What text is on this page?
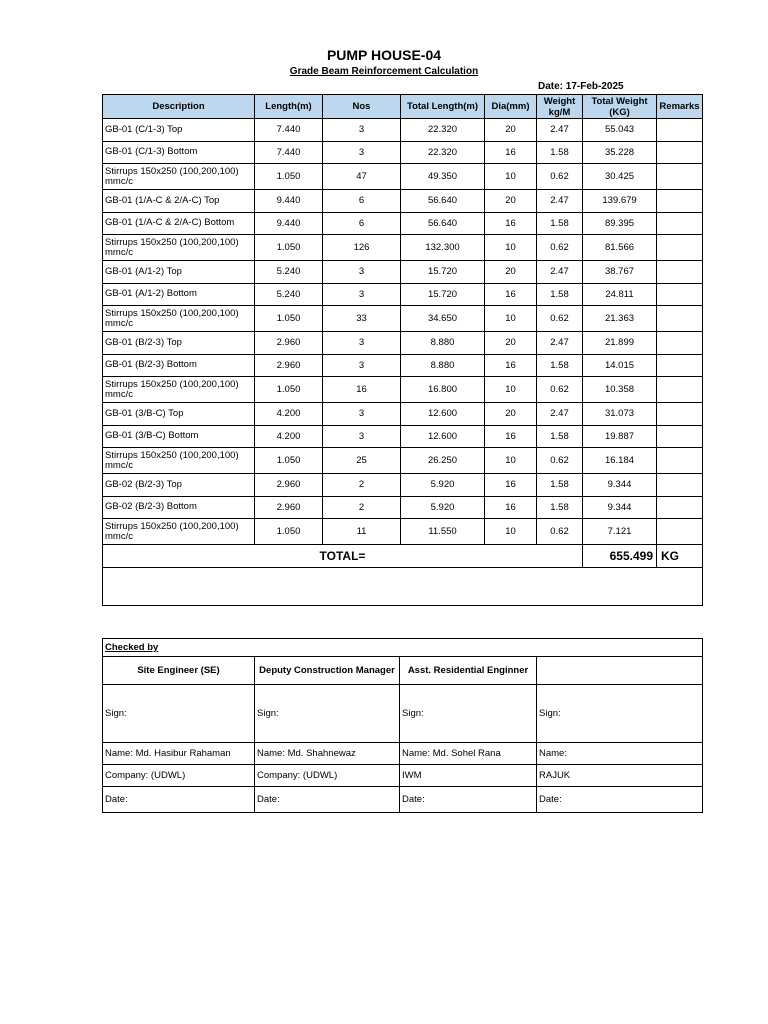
PUMP HOUSE-04
Grade Beam Reinforcement Calculation
Date: 17-Feb-2025
Description	Length(m)	Nos	Total Length(m)	Dia(mm)	Weight kg/M	Total Weight (KG)	Remarks
GB-01 (C/1-3) Top	7.440	3	22.320	20	2.47	55.043	
GB-01 (C/1-3) Bottom	7.440	3	22.320	16	1.58	35.228	
Stirrups 150x250 (100,200,100) mmc/c	1.050	47	49.350	10	0.62	30.425	
GB-01 (1/A-C & 2/A-C) Top	9.440	6	56.640	20	2.47	139.679	
GB-01 (1/A-C & 2/A-C) Bottom	9.440	6	56.640	16	1.58	89.395	
Stirrups 150x250 (100,200,100) mmc/c	1.050	126	132.300	10	0.62	81.566	
GB-01 (A/1-2) Top	5.240	3	15.720	20	2.47	38.767	
GB-01 (A/1-2) Bottom	5.240	3	15.720	16	1.58	24.811	
Stirrups 150x250 (100,200,100) mmc/c	1.050	33	34.650	10	0.62	21.363	
GB-01 (B/2-3) Top	2.960	3	8.880	20	2.47	21.899	
GB-01 (B/2-3) Bottom	2.960	3	8.880	16	1.58	14.015	
Stirrups 150x250 (100,200,100) mmc/c	1.050	16	16.800	10	0.62	10.358	
GB-01 (3/B-C) Top	4.200	3	12.600	20	2.47	31.073	
GB-01 (3/B-C) Bottom	4.200	3	12.600	16	1.58	19.887	
Stirrups 150x250 (100,200,100) mmc/c	1.050	25	26.250	10	0.62	16.184	
GB-02 (B/2-3) Top	2.960	2	5.920	16	1.58	9.344	
GB-02 (B/2-3) Bottom	2.960	2	5.920	16	1.58	9.344	
Stirrups 150x250 (100,200,100) mmc/c	1.050	11	11.550	10	0.62	7.121	
TOTAL=						655.499	KG

Checked by			
Site Engineer (SE)	Deputy Construction Manager	Asst. Residential Enginner	
Sign:	Sign:	Sign:	Sign:
Name: Md. Hasibur Rahaman	Name: Md. Shahnewaz	Name: Md. Sohel Rana	Name:
Company: (UDWL)	Company: (UDWL)	IWM	RAJUK
Date:	Date:	Date:	Date:
